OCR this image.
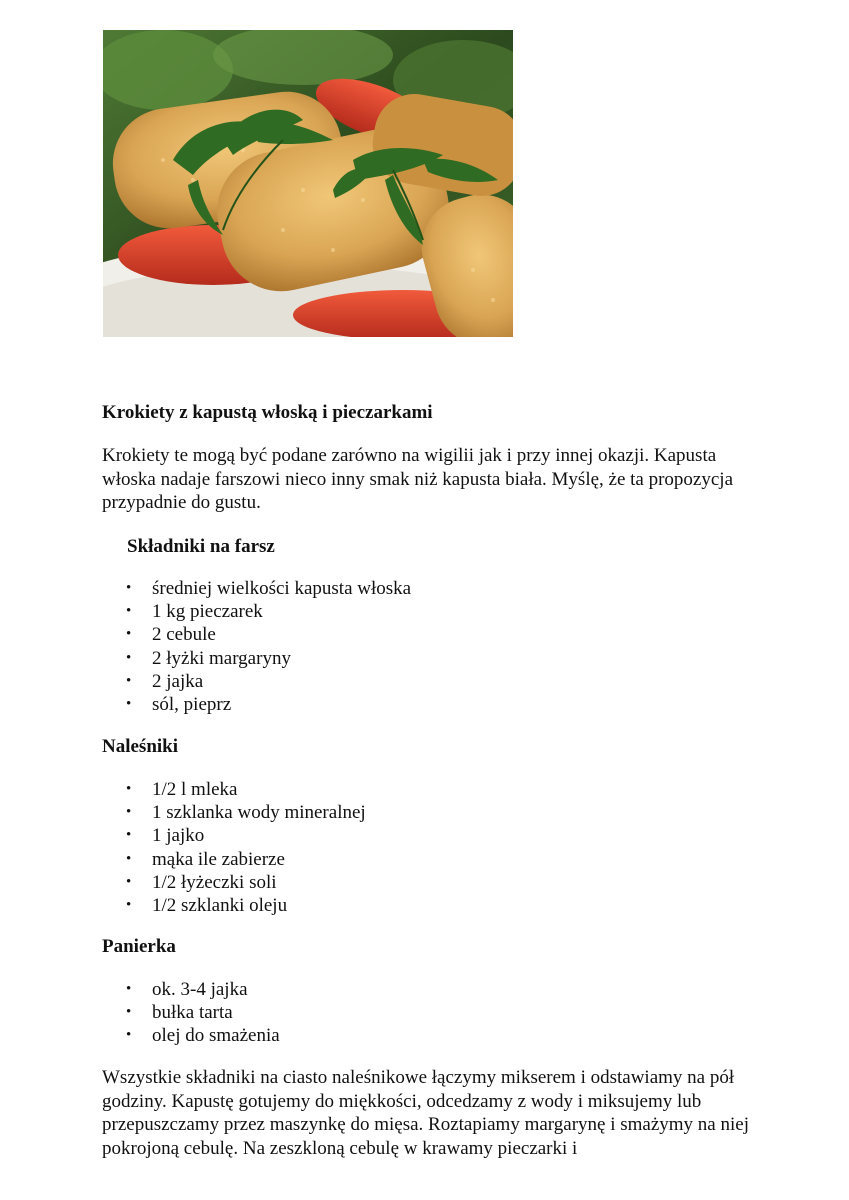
Krokiety z kapustą włoską i pieczarkami

Krokiety te mogą być podane zarówno na wigilii jak i przy innej okazji. Kapusta włoska nadaje farszowi nieco inny smak niż kapusta biała. Myślę, że ta propozycja przypadnie do gustu.

Składniki na farsz
• średniej wielkości kapusta włoska
• 1 kg pieczarek
• 2 cebule
• 2 łyżki margaryny
• 2 jajka
• sól, pieprz
Naleśniki
• 1/2 l mleka
• 1 szklanka wody mineralnej
• 1 jajko
• mąka ile zabierze
• 1/2 łyżeczki soli
• 1/2 szklanki oleju
Panierka
• ok. 3-4 jajka
• bułka tarta
• olej do smażenia

Wszystkie składniki na ciasto naleśnikowe łączymy mikserem i odstawiamy na pół godziny. Kapustę gotujemy do miękkości, odcedzamy z wody i miksujemy lub przepuszczamy przez maszynkę do mięsa. Roztapiamy margarynę i smażymy na niej pokrojoną cebulę. Na zeszkloną cebulę w krawamy pieczarki i
